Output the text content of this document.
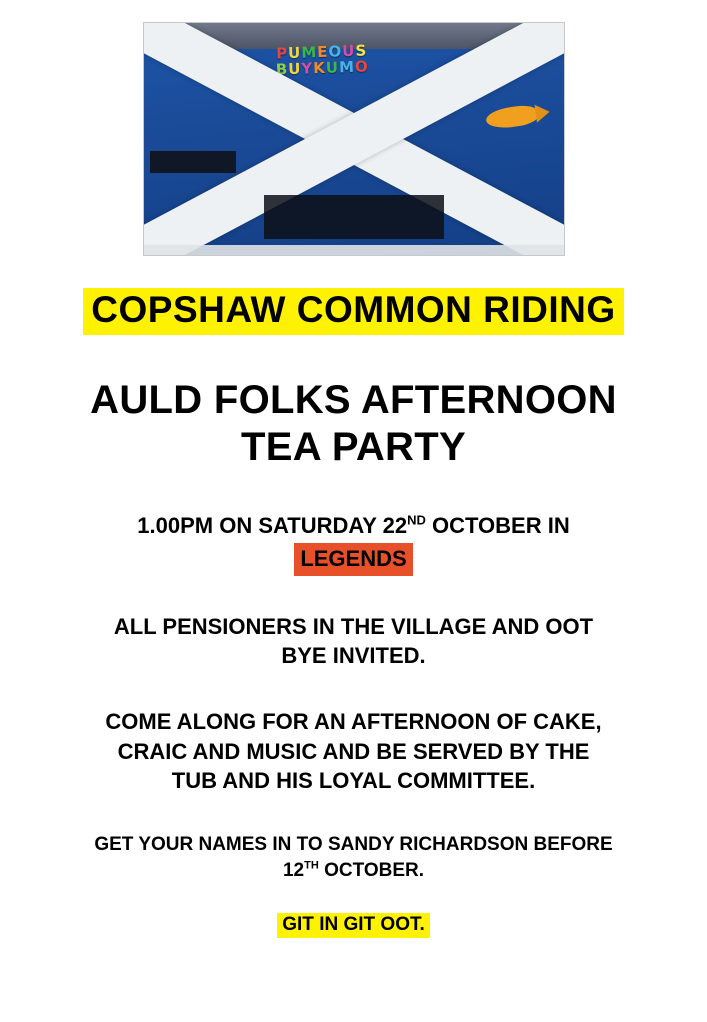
PUMEOUS
BUYKUMO
COPSHAW COMMON RIDING
AULD FOLKS AFTERNOON
TEA PARTY
1.00PM ON SATURDAY 22ND OCTOBER IN
LEGENDS
ALL PENSIONERS IN THE VILLAGE AND OOT
BYE INVITED.
COME ALONG FOR AN AFTERNOON OF CAKE,
CRAIC AND MUSIC AND BE SERVED BY THE
TUB AND HIS LOYAL COMMITTEE.
GET YOUR NAMES IN TO SANDY RICHARDSON BEFORE
12TH OCTOBER.
GIT IN GIT OOT.
